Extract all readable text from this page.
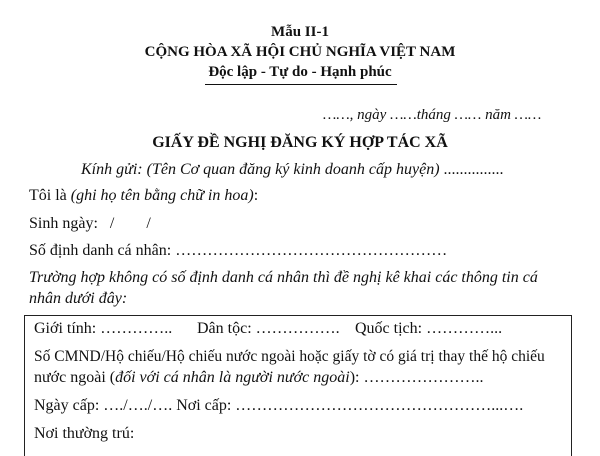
Mẫu II-1
CỘNG HÒA XÃ HỘI CHỦ NGHĨA VIỆT NAM
Độc lập - Tự do - Hạnh phúc
……, ngày ……tháng …… năm ……
GIẤY ĐỀ NGHỊ ĐĂNG KÝ HỢP TÁC XÃ
Kính gửi: (Tên Cơ quan đăng ký kinh doanh cấp huyện) ...............
Tôi là (ghi họ tên bằng chữ in hoa):
Sinh ngày:   /        /
Số định danh cá nhân: ……………………………………………
Trường hợp không có số định danh cá nhân thì đề nghị kê khai các thông tin cá
nhân dưới đây:
Giới tính: ………….. Dân tộc: ……………. Quốc tịch: …………...
Số CMND/Hộ chiếu/Hộ chiếu nước ngoài hoặc giấy tờ có giá trị thay thế hộ chiếu
nước ngoài (đối với cá nhân là người nước ngoài): …………………..
Ngày cấp: …./…./…. Nơi cấp: …………………………………………...….
Nơi thường trú:
